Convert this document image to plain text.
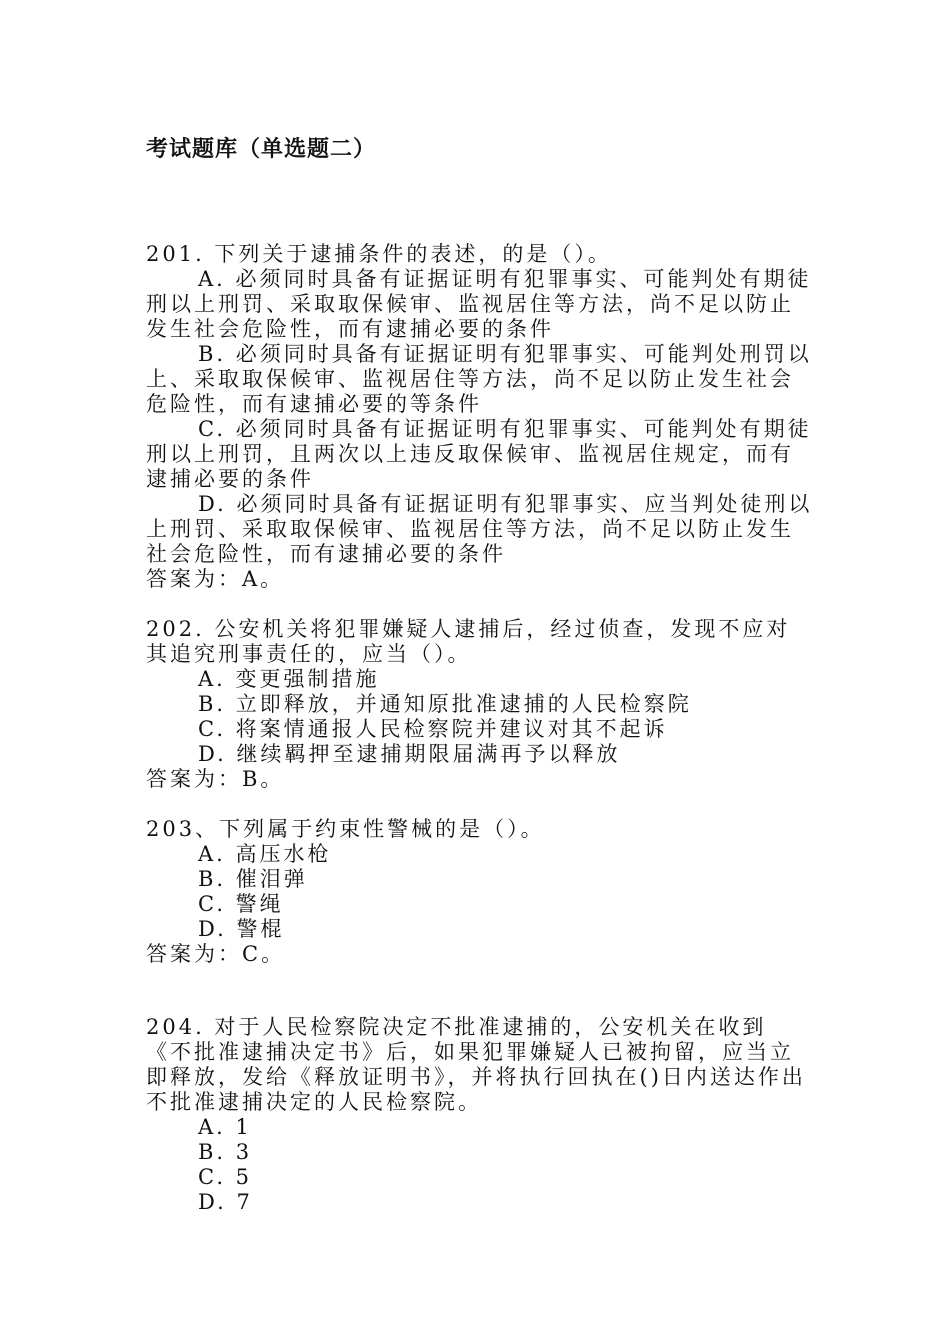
考试题库（单选题二）

201. 下列关于逮捕条件的表述，的是（）。

A. 必须同时具备有证据证明有犯罪事实、可能判处有期徒刑以上刑罚、采取取保候审、监视居住等方法，尚不足以防止发生社会危险性，而有逮捕必要的条件

B. 必须同时具备有证据证明有犯罪事实、可能判处刑罚以上、采取取保候审、监视居住等方法，尚不足以防止发生社会危险性，而有逮捕必要的等条件

C. 必须同时具备有证据证明有犯罪事实、可能判处有期徒刑以上刑罚，且两次以上违反取保候审、监视居住规定，而有逮捕必要的条件

D. 必须同时具备有证据证明有犯罪事实、应当判处徒刑以上刑罚、采取取保候审、监视居住等方法，尚不足以防止发生社会危险性，而有逮捕必要的条件

答案为：A。

202. 公安机关将犯罪嫌疑人逮捕后，经过侦查，发现不应对其追究刑事责任的，应当（）。

A. 变更强制措施

B. 立即释放，并通知原批准逮捕的人民检察院

C. 将案情通报人民检察院并建议对其不起诉

D. 继续羁押至逮捕期限届满再予以释放

答案为：B。

203、下列属于约束性警械的是（）。

A. 高压水枪

B. 催泪弹

C. 警绳

D. 警棍

答案为：C。

204. 对于人民检察院决定不批准逮捕的，公安机关在收到《不批准逮捕决定书》后，如果犯罪嫌疑人已被拘留，应当立即释放，发给《释放证明书》，并将执行回执在()日内送达作出不批准逮捕决定的人民检察院。

A. 1

B. 3

C. 5

D. 7
